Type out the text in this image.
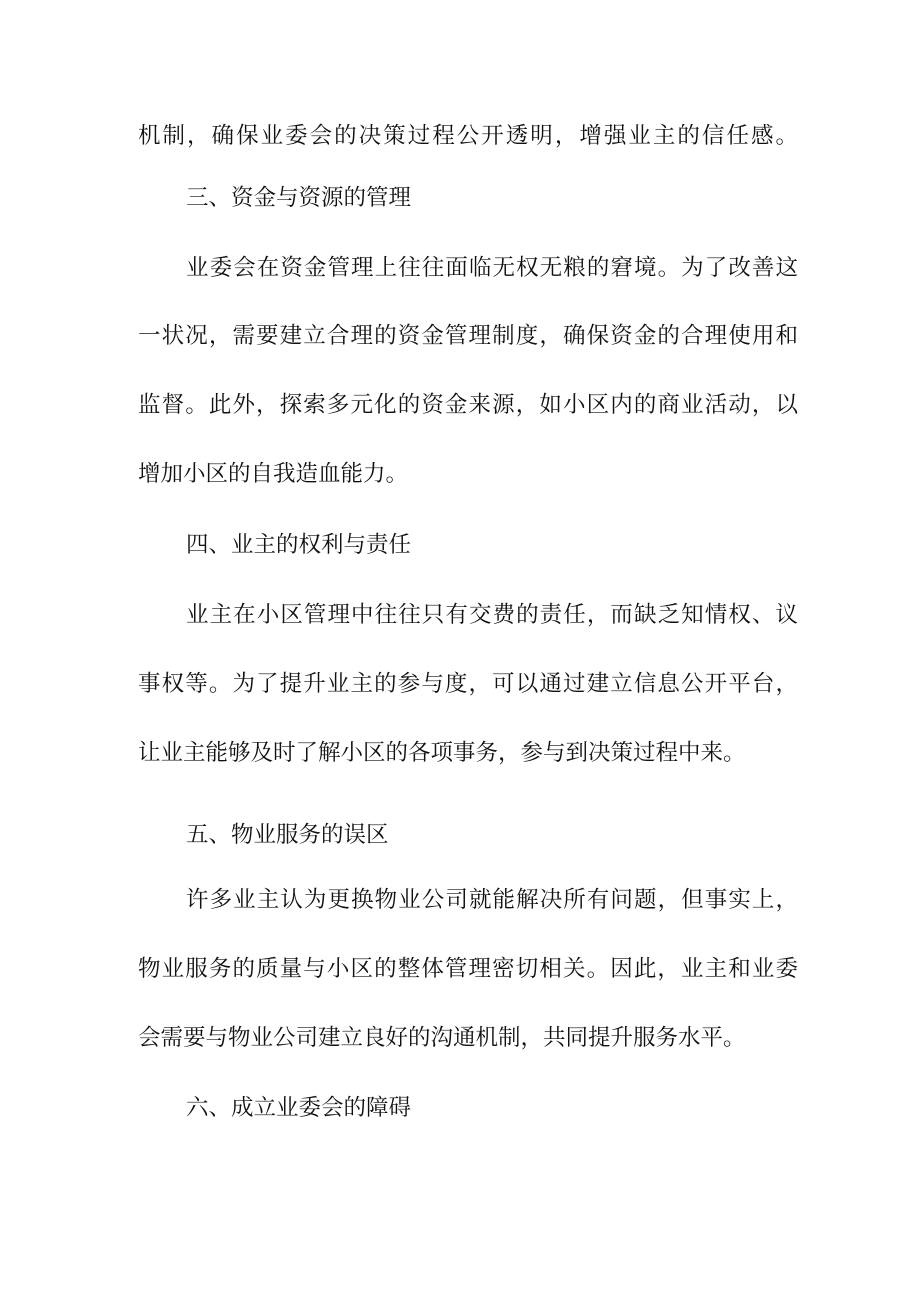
机制，确保业委会的决策过程公开透明，增强业主的信任感。
三、资金与资源的管理
业委会在资金管理上往往面临无权无粮的窘境。为了改善这
一状况，需要建立合理的资金管理制度，确保资金的合理使用和
监督。此外，探索多元化的资金来源，如小区内的商业活动，以
增加小区的自我造血能力。
四、业主的权利与责任
业主在小区管理中往往只有交费的责任，而缺乏知情权、议
事权等。为了提升业主的参与度，可以通过建立信息公开平台，
让业主能够及时了解小区的各项事务，参与到决策过程中来。
五、物业服务的误区
许多业主认为更换物业公司就能解决所有问题，但事实上，
物业服务的质量与小区的整体管理密切相关。因此，业主和业委
会需要与物业公司建立良好的沟通机制，共同提升服务水平。
六、成立业委会的障碍
